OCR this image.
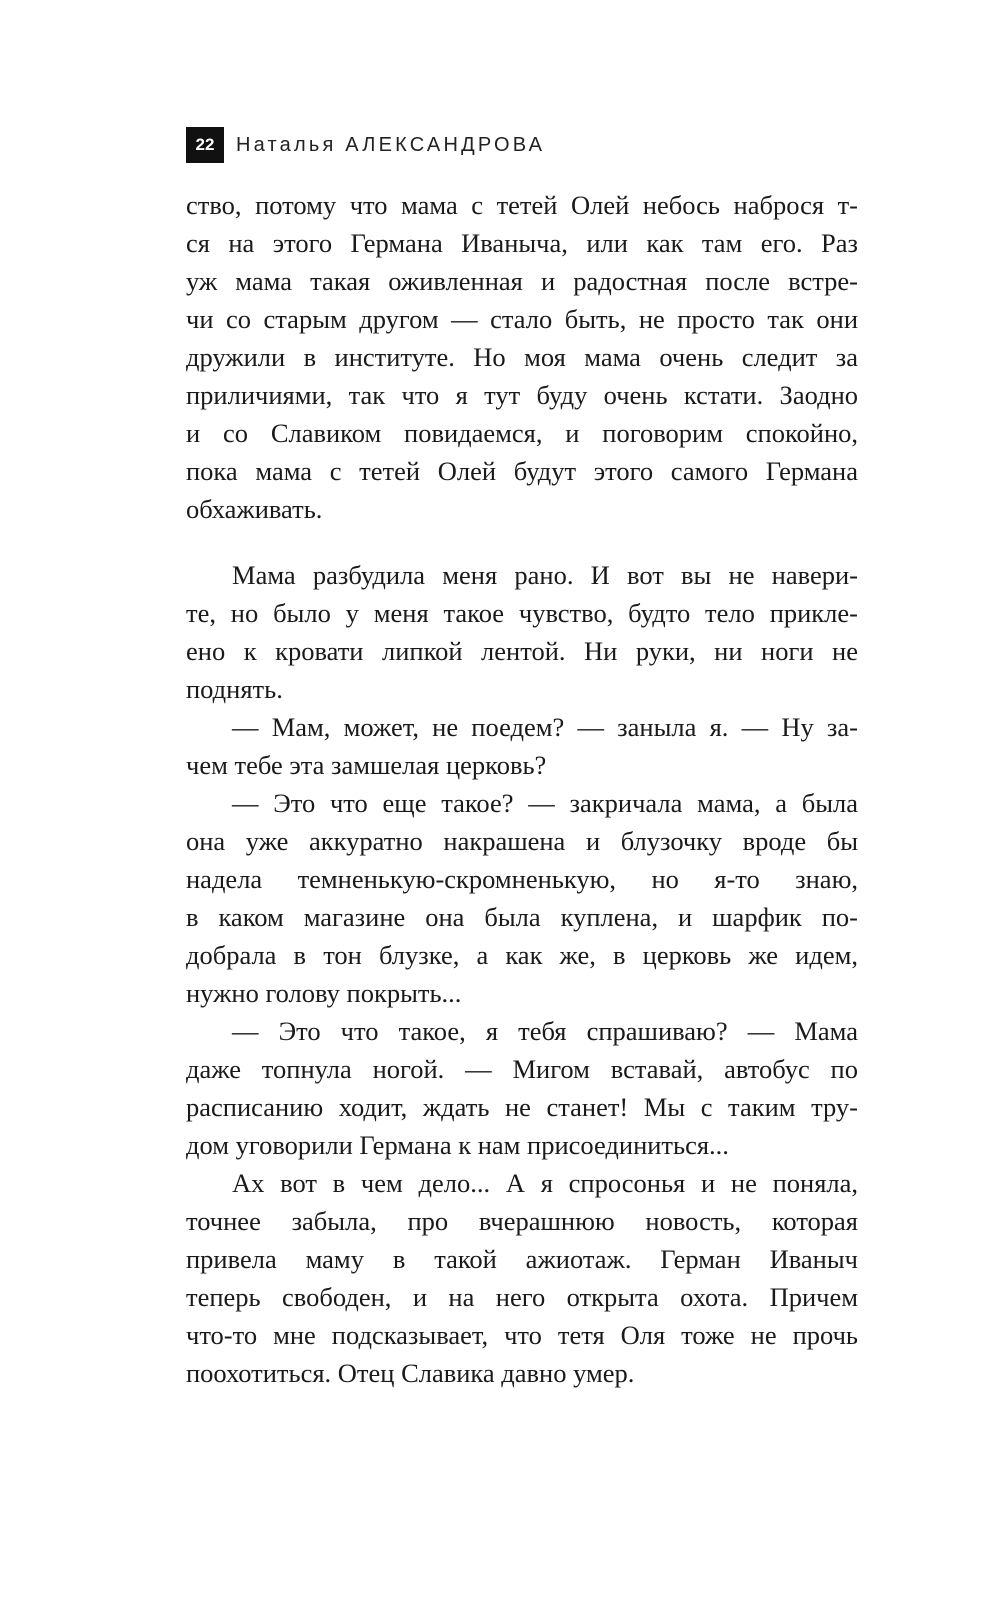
22	Наталья АЛЕКСАНДРОВА
ство, потому что мама с тетей Олей небось наброся т-
ся на этого Германа Иваныча, или как там его. Раз
уж мама такая оживленная и радостная после встре-
чи со старым другом — стало быть, не просто так они
дружили в институте. Но моя мама очень следит за
приличиями, так что я тут буду очень кстати. Заодно
и со Славиком повидаемся, и поговорим спокойно,
пока мама с тетей Олей будут этого самого Германа
обхаживать.
Мама разбудила меня рано. И вот вы не навери-
те, но было у меня такое чувство, будто тело прикле-
ено к кровати липкой лентой. Ни руки, ни ноги не
поднять.
— Мам, может, не поедем? — заныла я. — Ну за-
чем тебе эта замшелая церковь?
— Это что еще такое? — закричала мама, а была
она уже аккуратно накрашена и блузочку вроде бы
надела темненькую-скромненькую, но я-то знаю,
в каком магазине она была куплена, и шарфик по-
добрала в тон блузке, а как же, в церковь же идем,
нужно голову покрыть...
— Это что такое, я тебя спрашиваю? — Мама
даже топнула ногой. — Мигом вставай, автобус по
расписанию ходит, ждать не станет! Мы с таким тру-
дом уговорили Германа к нам присоединиться...
Ах вот в чем дело... А я спросонья и не поняла,
точнее забыла, про вчерашнюю новость, которая
привела маму в такой ажиотаж. Герман Иваныч
теперь свободен, и на него открыта охота. Причем
что-то мне подсказывает, что тетя Оля тоже не прочь
поохотиться. Отец Славика давно умер.
